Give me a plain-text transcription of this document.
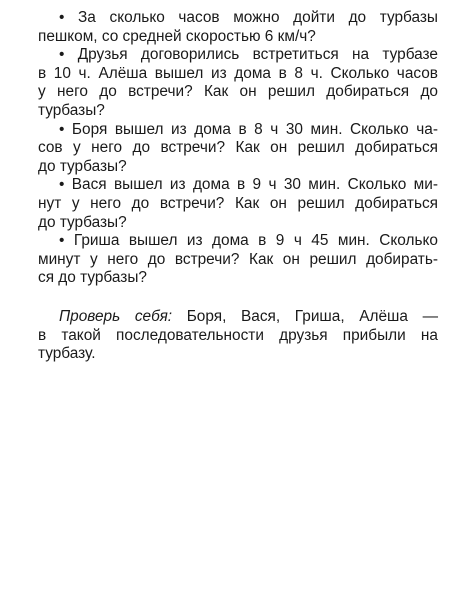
• За сколько часов можно дойти до турбазы
пешком, со средней скоростью 6 км/ч?
• Друзья договорились встретиться на турбазе
в 10 ч. Алёша вышел из дома в 8 ч. Сколько часов
у него до встречи? Как он решил добираться до
турбазы?
• Боря вышел из дома в 8 ч 30 мин. Сколько ча-
сов у него до встречи? Как он решил добираться
до турбазы?
• Вася вышел из дома в 9 ч 30 мин. Сколько ми-
нут у него до встречи? Как он решил добираться
до турбазы?
• Гриша вышел из дома в 9 ч 45 мин. Сколько
минут у него до встречи? Как он решил добирать-
ся до турбазы?
Проверь себя: Боря, Вася, Гриша, Алёша —
в такой последовательности друзья прибыли на
турбазу.
